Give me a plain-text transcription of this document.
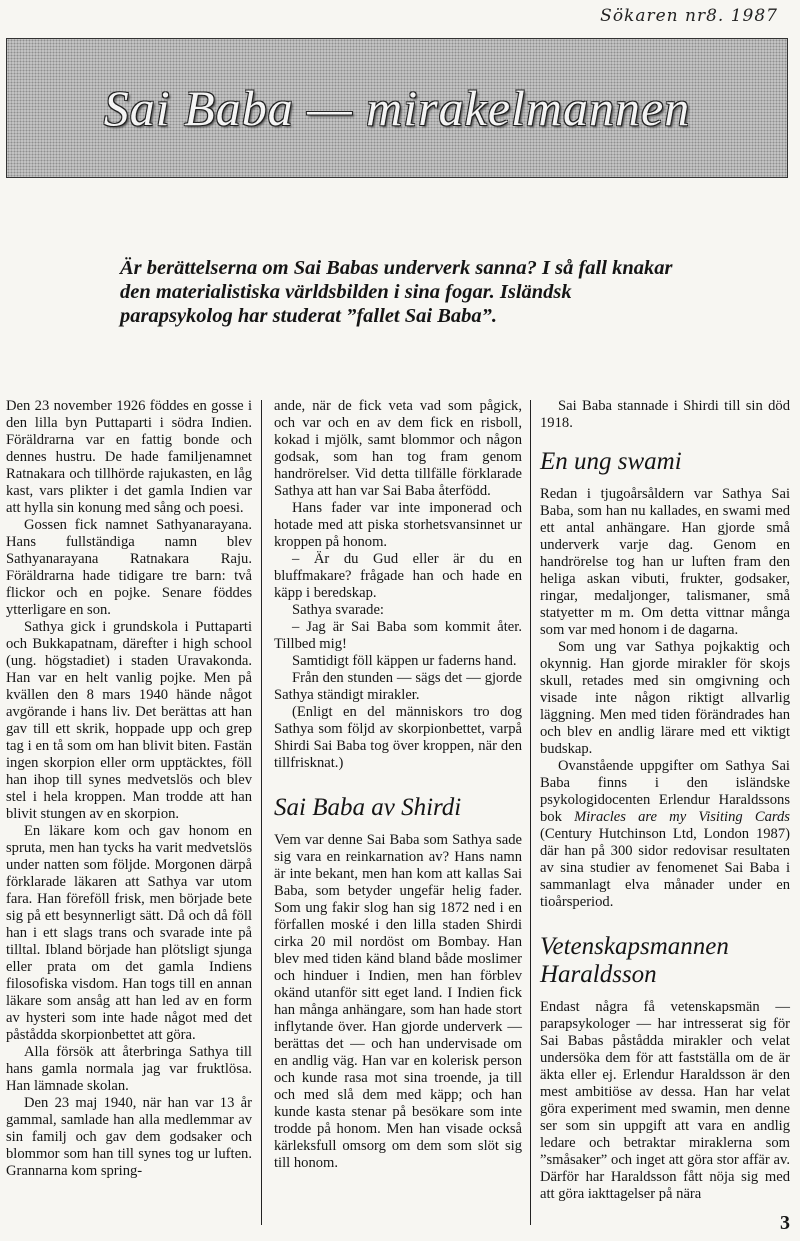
Sökaren nr8. 1987
Sai Baba — mirakelmannen
Är berättelserna om Sai Babas underverk sanna? I så fall knakar den materialistiska världsbilden i sina fogar. Isländsk parapsykolog har studerat ”fallet Sai Baba”.

Den 23 november 1926 föddes en gosse i den lilla byn Puttaparti i södra Indien. Föräldrarna var en fattig bonde och dennes hustru. De hade familjenamnet Ratnakara och tillhörde rajukasten, en låg kast, vars plikter i det gamla Indien var att hylla sin konung med sång och poesi.

Gossen fick namnet Sathyanarayana. Hans fullständiga namn blev Sathyanarayana Ratnakara Raju. Föräldrarna hade tidigare tre barn: två flickor och en pojke. Senare föddes ytterligare en son.

Sathya gick i grundskola i Puttaparti och Bukkapatnam, därefter i high school (ung. högstadiet) i staden Uravakonda. Han var en helt vanlig pojke. Men på kvällen den 8 mars 1940 hände något avgörande i hans liv. Det berättas att han gav till ett skrik, hoppade upp och grep tag i en tå som om han blivit biten. Fastän ingen skorpion eller orm upptäcktes, föll han ihop till synes medvetslös och blev stel i hela kroppen. Man trodde att han blivit stungen av en skorpion.

En läkare kom och gav honom en spruta, men han tycks ha varit medvetslös under natten som följde. Morgonen därpå förklarade läkaren att Sathya var utom fara. Han föreföll frisk, men började bete sig på ett besynnerligt sätt. Då och då föll han i ett slags trans och svarade inte på tilltal. Ibland började han plötsligt sjunga eller prata om det gamla Indiens filosofiska visdom. Han togs till en annan läkare som ansåg att han led av en form av hysteri som inte hade något med det påstådda skorpionbettet att göra.

Alla försök att återbringa Sathya till hans gamla normala jag var fruktlösa. Han lämnade skolan.

Den 23 maj 1940, när han var 13 år gammal, samlade han alla medlemmar av sin familj och gav dem godsaker och blommor som han till synes tog ur luften. Grannarna kom spring-

ande, när de fick veta vad som pågick, och var och en av dem fick en risboll, kokad i mjölk, samt blommor och någon godsak, som han tog fram genom handrörelser. Vid detta tillfälle förklarade Sathya att han var Sai Baba återfödd.

Hans fader var inte imponerad och hotade med att piska storhetsvansinnet ur kroppen på honom.

– Är du Gud eller är du en bluffmakare? frågade han och hade en käpp i beredskap.

Sathya svarade:

– Jag är Sai Baba som kommit åter. Tillbed mig!

Samtidigt föll käppen ur faderns hand.

Från den stunden — sägs det — gjorde Sathya ständigt mirakler.

(Enligt en del människors tro dog Sathya som följd av skorpionbettet, varpå Shirdi Sai Baba tog över kroppen, när den tillfrisknat.)

Sai Baba av Shirdi

Vem var denne Sai Baba som Sathya sade sig vara en reinkarnation av? Hans namn är inte bekant, men han kom att kallas Sai Baba, som betyder ungefär helig fader. Som ung fakir slog han sig 1872 ned i en förfallen moské i den lilla staden Shirdi cirka 20 mil nordöst om Bombay. Han blev med tiden känd bland både moslimer och hinduer i Indien, men han förblev okänd utanför sitt eget land. I Indien fick han många anhängare, som han hade stort inflytande över. Han gjorde underverk — berättas det — och han undervisade om en andlig väg. Han var en kolerisk person och kunde rasa mot sina troende, ja till och med slå dem med käpp; och han kunde kasta stenar på besökare som inte trodde på honom. Men han visade också kärleksfull omsorg om dem som slöt sig till honom.

Sai Baba stannade i Shirdi till sin död 1918.

En ung swami

Redan i tjugoårsåldern var Sathya Sai Baba, som han nu kallades, en swami med ett antal anhängare. Han gjorde små underverk varje dag. Genom en handrörelse tog han ur luften fram den heliga askan vibuti, frukter, godsaker, ringar, medaljonger, talismaner, små statyetter m m. Om detta vittnar många som var med honom i de dagarna.

Som ung var Sathya pojkaktig och okynnig. Han gjorde mirakler för skojs skull, retades med sin omgivning och visade inte någon riktigt allvarlig läggning. Men med tiden förändrades han och blev en andlig lärare med ett viktigt budskap.

Ovanstående uppgifter om Sathya Sai Baba finns i den isländske psykologidocenten Erlendur Haraldssons bok Miracles are my Visiting Cards (Century Hutchinson Ltd, London 1987) där han på 300 sidor redovisar resultaten av sina studier av fenomenet Sai Baba i sammanlagt elva månader under en tioårsperiod.

Vetenskapsmannen Haraldsson

Endast några få vetenskapsmän —parapsykologer — har intresserat sig för Sai Babas påstådda mirakler och velat undersöka dem för att fastställa om de är äkta eller ej. Erlendur Haraldsson är den mest ambitiöse av dessa. Han har velat göra experiment med swamin, men denne ser som sin uppgift att vara en andlig ledare och betraktar miraklerna som ”småsaker” och inget att göra stor affär av. Därför har Haraldsson fått nöja sig med att göra iakttagelser på nära

3
